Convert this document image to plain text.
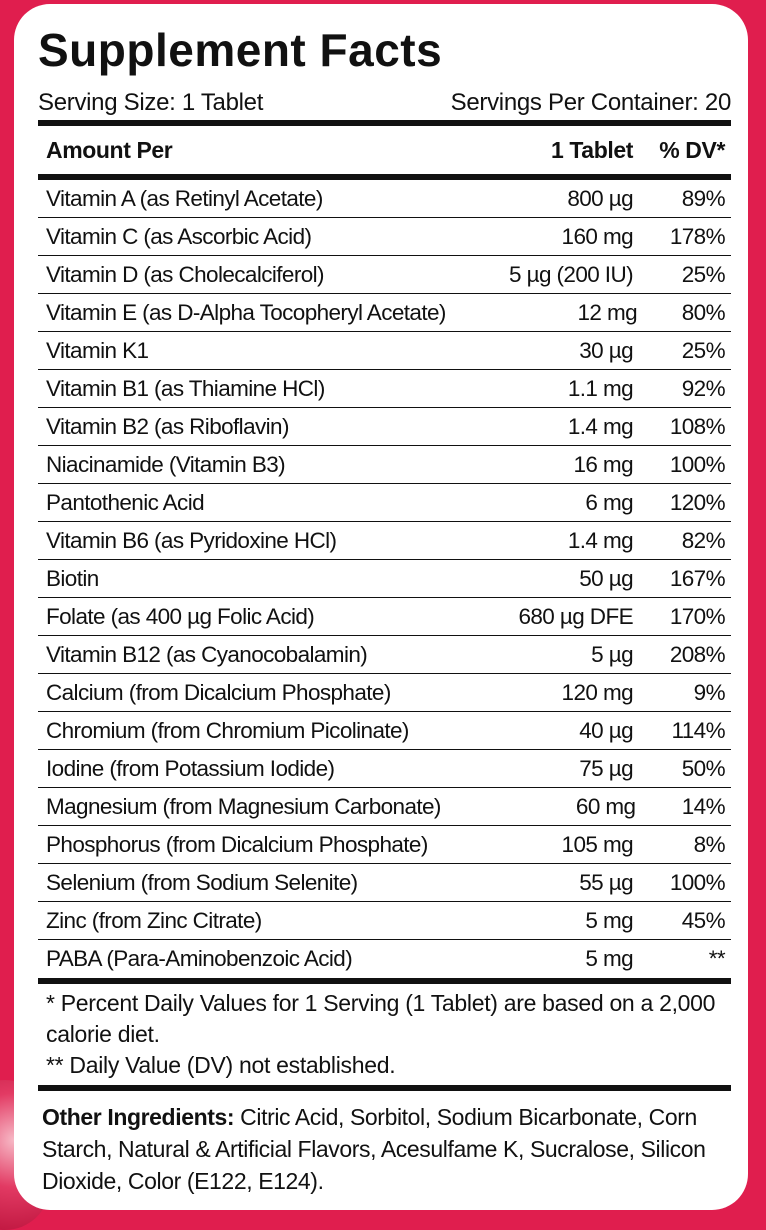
Supplement Facts
Serving Size: 1 Tablet	Servings Per Container: 20
Amount Per	1 Tablet	% DV*
Vitamin A (as Retinyl Acetate)	800 µg	89%
Vitamin C (as Ascorbic Acid)	160 mg	178%
Vitamin D (as Cholecalciferol)	5 µg (200 IU)	25%
Vitamin E (as D-Alpha Tocopheryl Acetate)	12 mg	80%
Vitamin K1	30 µg	25%
Vitamin B1 (as Thiamine HCl)	1.1 mg	92%
Vitamin B2 (as Riboflavin)	1.4 mg	108%
Niacinamide (Vitamin B3)	16 mg	100%
Pantothenic Acid	6 mg	120%
Vitamin B6 (as Pyridoxine HCl)	1.4 mg	82%
Biotin	50 µg	167%
Folate (as 400 µg Folic Acid)	680 µg DFE	170%
Vitamin B12 (as Cyanocobalamin)	5 µg	208%
Calcium (from Dicalcium Phosphate)	120 mg	9%
Chromium (from Chromium Picolinate)	40 µg	114%
Iodine (from Potassium Iodide)	75 µg	50%
Magnesium (from Magnesium Carbonate)	60 mg	14%
Phosphorus (from Dicalcium Phosphate)	105 mg	8%
Selenium (from Sodium Selenite)	55 µg	100%
Zinc (from Zinc Citrate)	5 mg	45%
PABA (Para-Aminobenzoic Acid)	5 mg	**
* Percent Daily Values for 1 Serving (1 Tablet) are based on a 2,000 calorie diet.
** Daily Value (DV) not established.
Other Ingredients: Citric Acid, Sorbitol, Sodium Bicarbonate, Corn Starch, Natural & Artificial Flavors, Acesulfame K, Sucralose, Silicon Dioxide, Color (E122, E124).
